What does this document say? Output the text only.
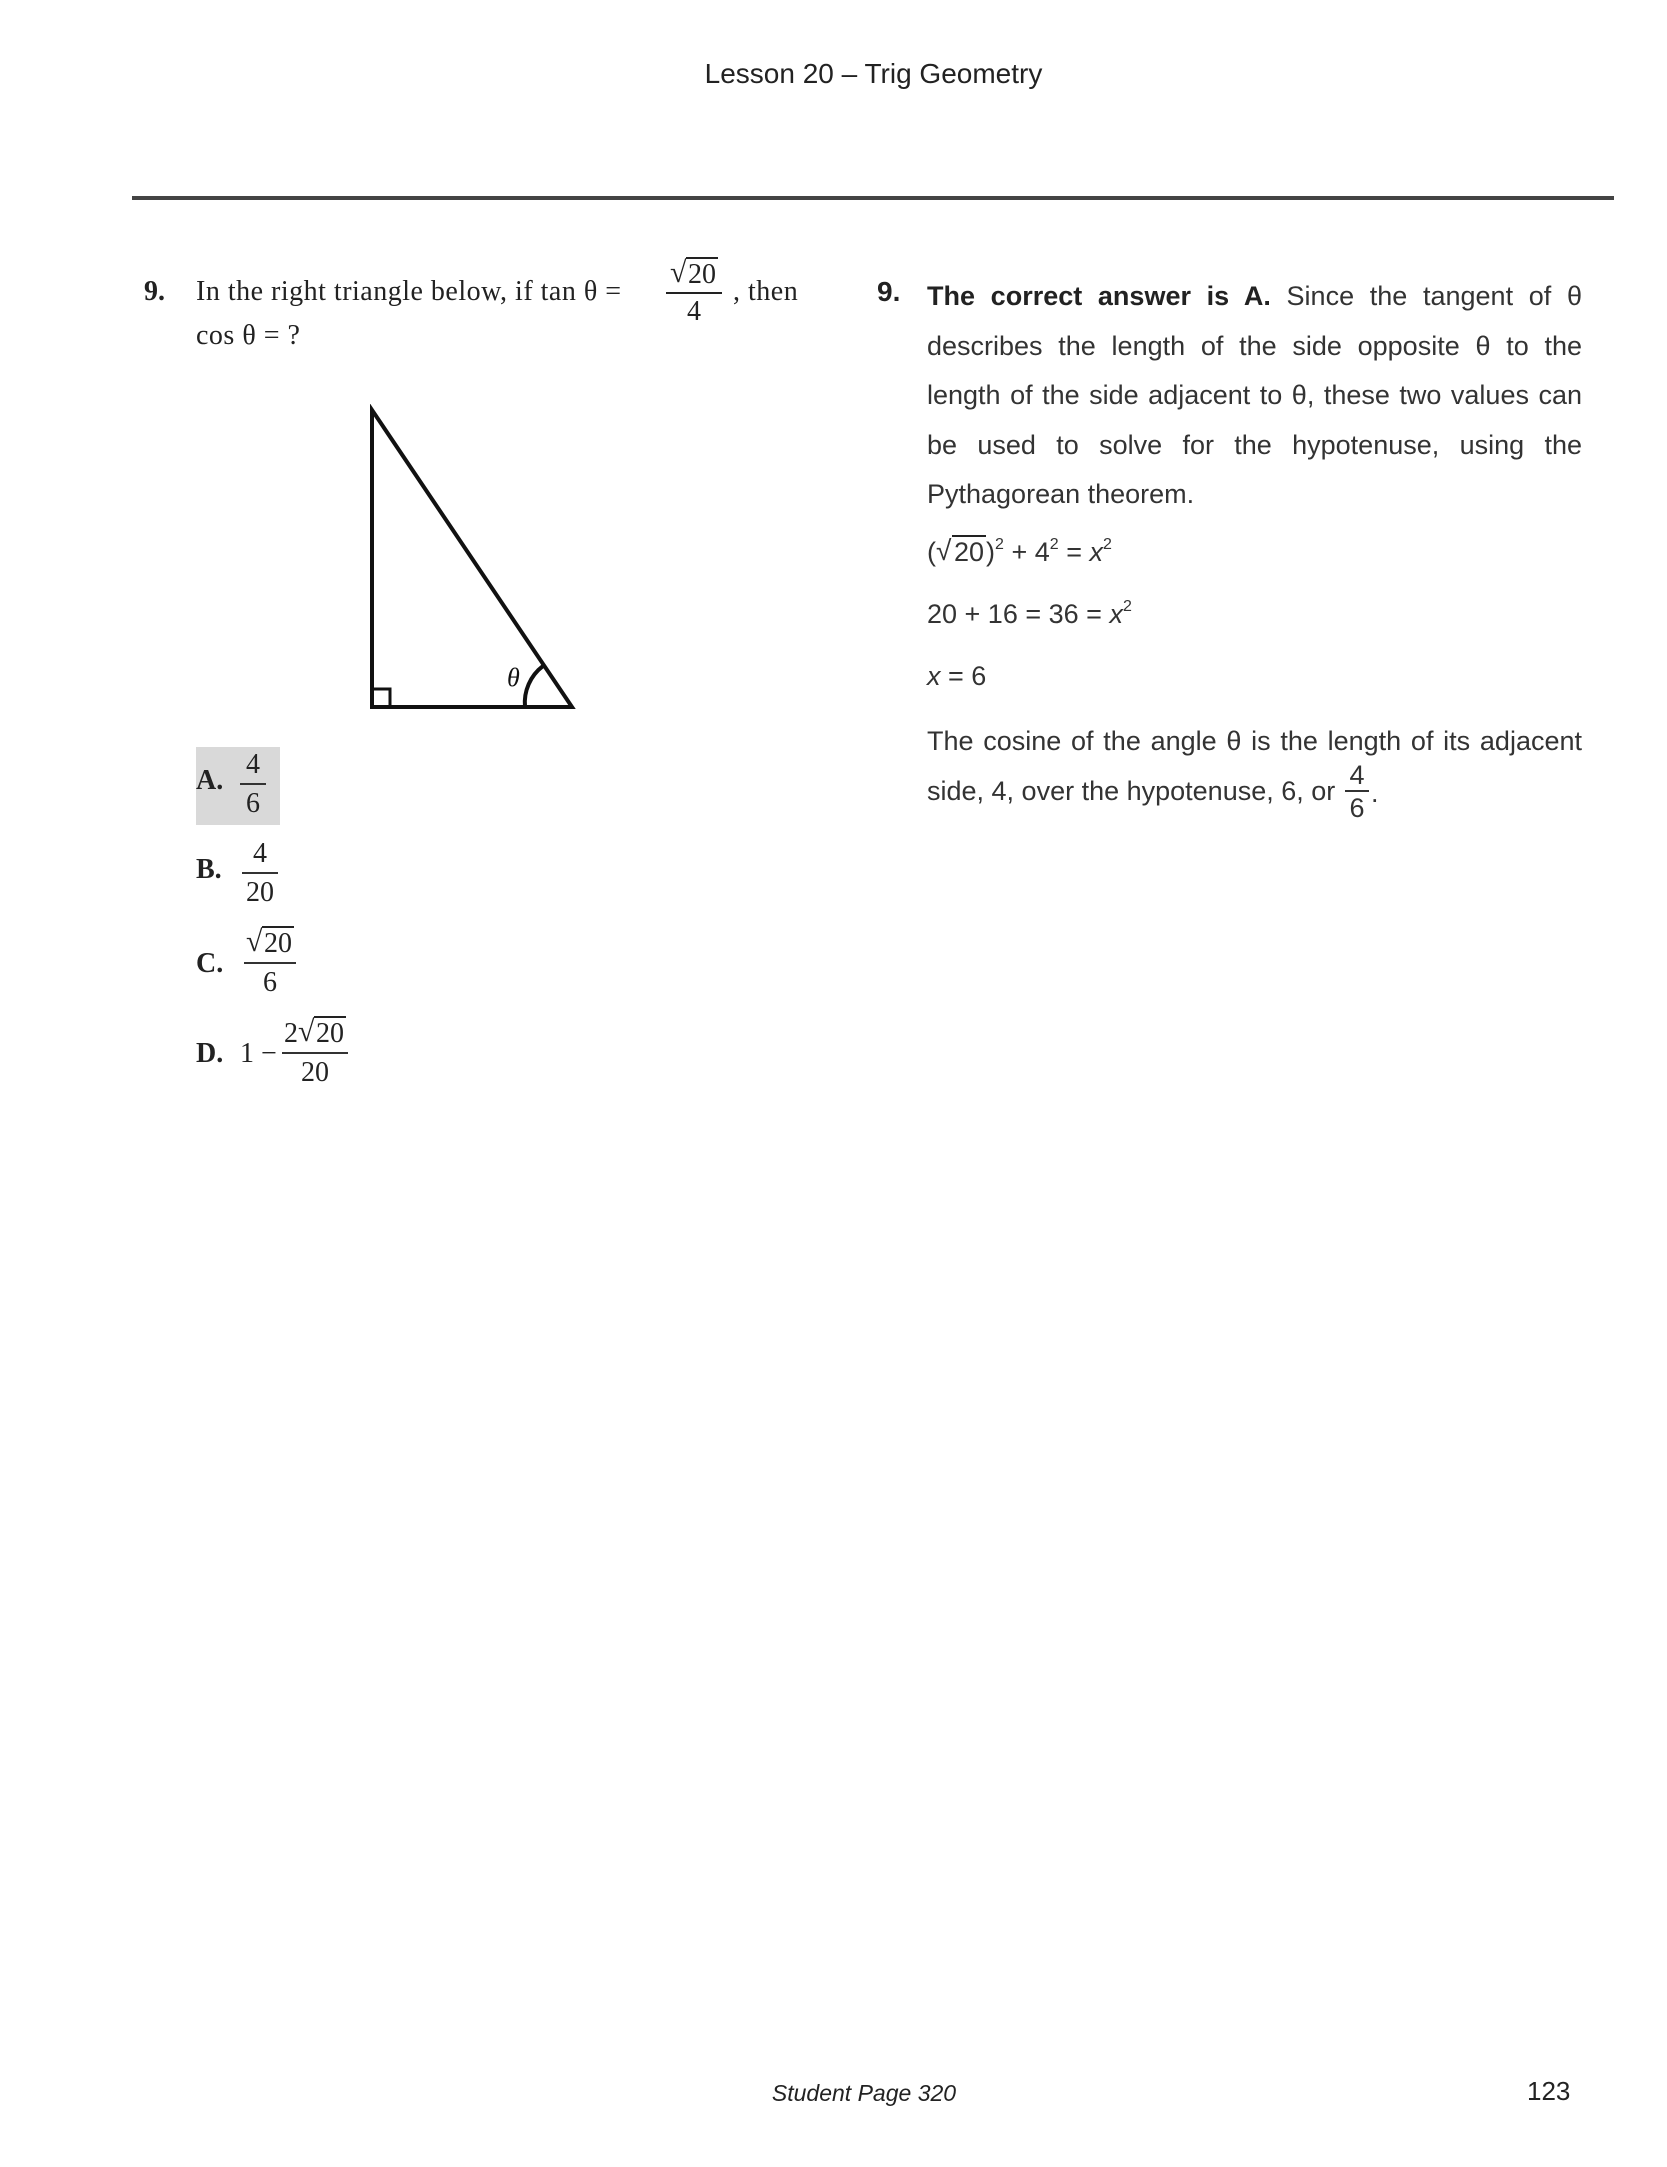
Lesson 20 – Trig Geometry
9. In the right triangle below, if $\tan \theta = \frac{√ 20}{4}$ , then
cos θ = ?
θ
A. $\frac{4}{6}$
B. $\frac{4}{20}$
C. $\frac{√ 20}{6}$
D. $1 - \frac{2 √ 20}{20}$
9. The correct answer is A. Since the tangent of θ describes the length of the side opposite θ to the length of the side adjacent to θ, these two values can be used to solve for the hypotenuse, using the Pythagorean theorem.
( √ $20)^2 + 4^2 = x^2$
$20 + 16 = 36 = x^2$
x = 6
The cosine of the angle θ is the length of its adjacent
side, 4, over the hypotenuse, 6, or $\frac{4}{6}$ .
Student Page 320	123
